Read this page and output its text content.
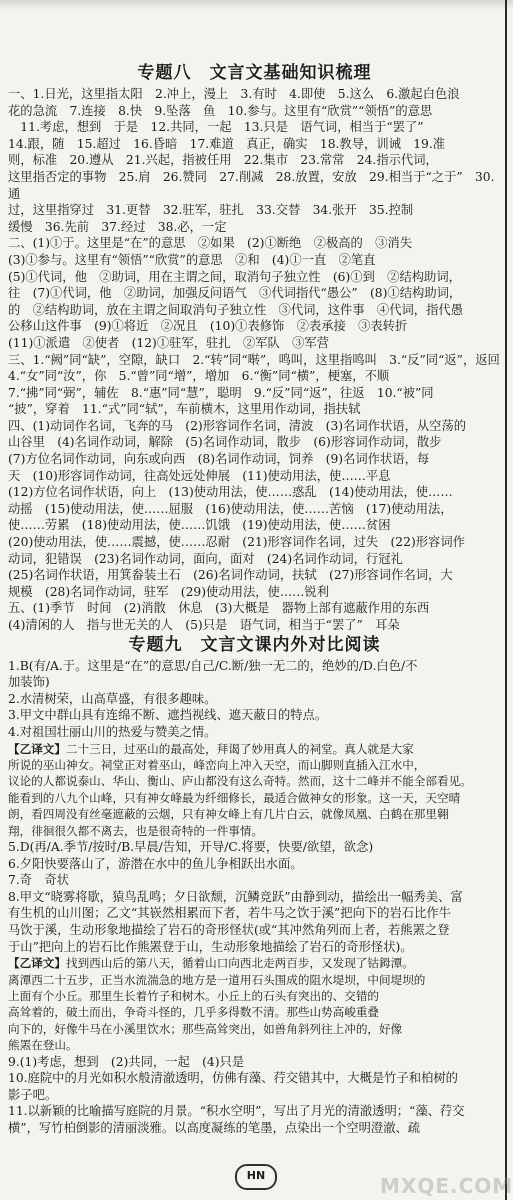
专题八　文言文基础知识梳理

一、1.日光，这里指太阳　2.冲上，漫上　3.有时　4.即使　5.这么　6.激起白色浪

花的急流　7.连接　8.快　9.坠落　鱼　10.参与。这里有“欣赏”“领悟”的意思

　11.考虑，想到　于是　12.共同，一起　13.只是　语气词，相当于“罢了”

14.跟，随　15.超过　16.昏暗　17.难道　真正，确实　18.教导，训诫　19.准

则，标准　20.遵从　21.兴起，指被任用　22.集市　23.常常　24.指示代词，

这里指否定的事物　25.肩　26.赞同　27.削减　28.放置，安放　29.相当于“之于”　30.通

过，这里指穿过　31.更替　32.驻军，驻扎　33.交替　34.张开　35.控制

缓慢　36.先前　37.经过　38.必，一定

二、(1)①于。这里是“在”的意思　②如果　(2)①断绝　②极高的　③消失

(3)①参与。这里有“领悟”“欣赏”的意思　②和　(4)①一直　②笔直

(5)①代词，他　②助词，用在主谓之间，取消句子独立性　(6)①到　②结构助词，

往　(7)①代词，他　②助词，加强反问语气　③代词指代“愚公”　(8)①结构助词，

的　②结构助词，放在主谓之间取消句子独立性　③代词，这件事　④代词，指代愚

公移山这件事　(9)①将近　②况且　(10)①表修饰　②表承接　③表转折

(11)①派遣　②使者　(12)①驻军，驻扎　②军队　③军营

三、1.“阙”同“缺”，空隙，缺口　2.“转”同“啭”，鸣叫，这里指鸣叫　3.“反”同“返”，返回

4.“女”同“汝”，你　5.“曾”同“增”，增加　6.“衡”同“横”，梗塞，不顺

7.“拂”同“弼”，辅佐　8.“惠”同“慧”，聪明　9.“反”同“返”，往返　10.“被”同

“披”，穿着　11.“式”同“轼”，车前横木，这里用作动词，指扶轼

四、(1)动词作名词，飞奔的马　(2)形容词作名词，清波　(3)名词作状语，从空荡的

山谷里　(4)名词作动词，解除　(5)名词作动词，散步　(6)形容词作动词，散步

(7)方位名词作动词，向东或向西　(8)名词作动词，饲养　(9)名词作状语，每

天　(10)形容词作动词，往高处远处伸展　(11)使动用法，使……平息

(12)方位名词作状语，向上　(13)使动用法，使……惑乱　(14)使动用法，使……

动摇　(15)使动用法，使……屈服　(16)使动用法，使……苦恼　(17)使动用法，

使……劳累　(18)使动用法，使……饥饿　(19)使动用法，使……贫困

(20)使动用法，使……震撼，使……忍耐　(21)形容词作名词，过失　(22)形容词作

动词，犯错误　(23)名词作动词，面向，面对　(24)名词作动词，行冠礼

(25)名词作状语，用箕畚装土石　(26)名词作动词，扶轼　(27)形容词作名词，大

规模　(28)名词作动词，驻军　(29)使动用法，使……锐利

五、(1)季节　时间　(2)消散　休息　(3)大概是　器物上部有遮蔽作用的东西

(4)清闲的人　指与世无关的人　(5)只是　语气词，相当于“罢了”　耳朵

专题九　文言文课内外对比阅读

1.B(有/A.于。这里是“在”的意思/自己/C.断/独一无二的，绝妙的/D.白色/不

加装饰)

2.水清树荣，山高草盛，有很多趣味。

3.甲文中群山具有连绵不断、遮挡视线、遮天蔽日的特点。

4.对祖国壮丽山川的热爱与赞美之情。

【乙译文】二十三日，过巫山的最高处，拜谒了妙用真人的祠堂。真人就是大家
所说的巫山神女。祠堂正对着巫山，峰峦向上冲入天空，而山脚则直插入江水中，
议论的人都说泰山、华山、衡山、庐山都没有这么奇特。然而，这十二峰并不能全部看见。
能看到的八九个山峰，只有神女峰最为纤细修长，最适合做神女的形象。这一天，天空晴
朗，看四周没有丝毫遮蔽的云烟，只有神女峰上有几片白云，就像凤凰、白鹤在那里翱
翔，徘徊很久都不离去，也是很奇特的一件事情。

5.D(再/A.季节/按时/B.早晨/告知，开导/C.将要，快要/欲望，欲念)

6.夕阳快要落山了，游潜在水中的鱼儿争相跃出水面。

7.奇　奇状

8.甲文“晓雾将歇，猿鸟乱鸣；夕日欲颓，沉鳞竞跃”由静到动，描绘出一幅秀美、富

有生机的山川图；乙文“其嵚然相累而下者，若牛马之饮于溪”把向下的岩石比作牛

马饮于溪，生动形象地描绘了岩石的奇形怪状(或“其冲然角列而上者，若熊罴之登

于山”把向上的岩石比作熊罴登于山，生动形象地描绘了岩石的奇形怪状)。

【乙译文】找到西山后的第八天，循着山口向西北走两百步，又发现了钴鉧潭。
离潭西二十五步，正当水流湍急的地方是一道用石头围成的阻水堤坝，中间堤坝的
上面有个小丘。那里生长着竹子和树木。小丘上的石头有突出的、交错的
高耸着的，破土而出，争奇斗怪的，几乎多得数不清。那些山势高峻重叠
向下的，好像牛马在小溪里饮水；那些高耸突出，如兽角斜列往上冲的，好像
熊罴在登山。

9.(1)考虑，想到　(2)共同，一起　(4)只是

10.庭院中的月光如积水般清澈透明，仿佛有藻、荇交错其中，大概是竹子和柏树的

影子吧。

11.以新颖的比喻描写庭院的月景。“积水空明”，写出了月光的清澈透明；“藻、荇交

横”，写竹柏倒影的清丽淡雅。以高度凝练的笔墨，点染出一个空明澄澈、疏

HN	MXQE.COM
